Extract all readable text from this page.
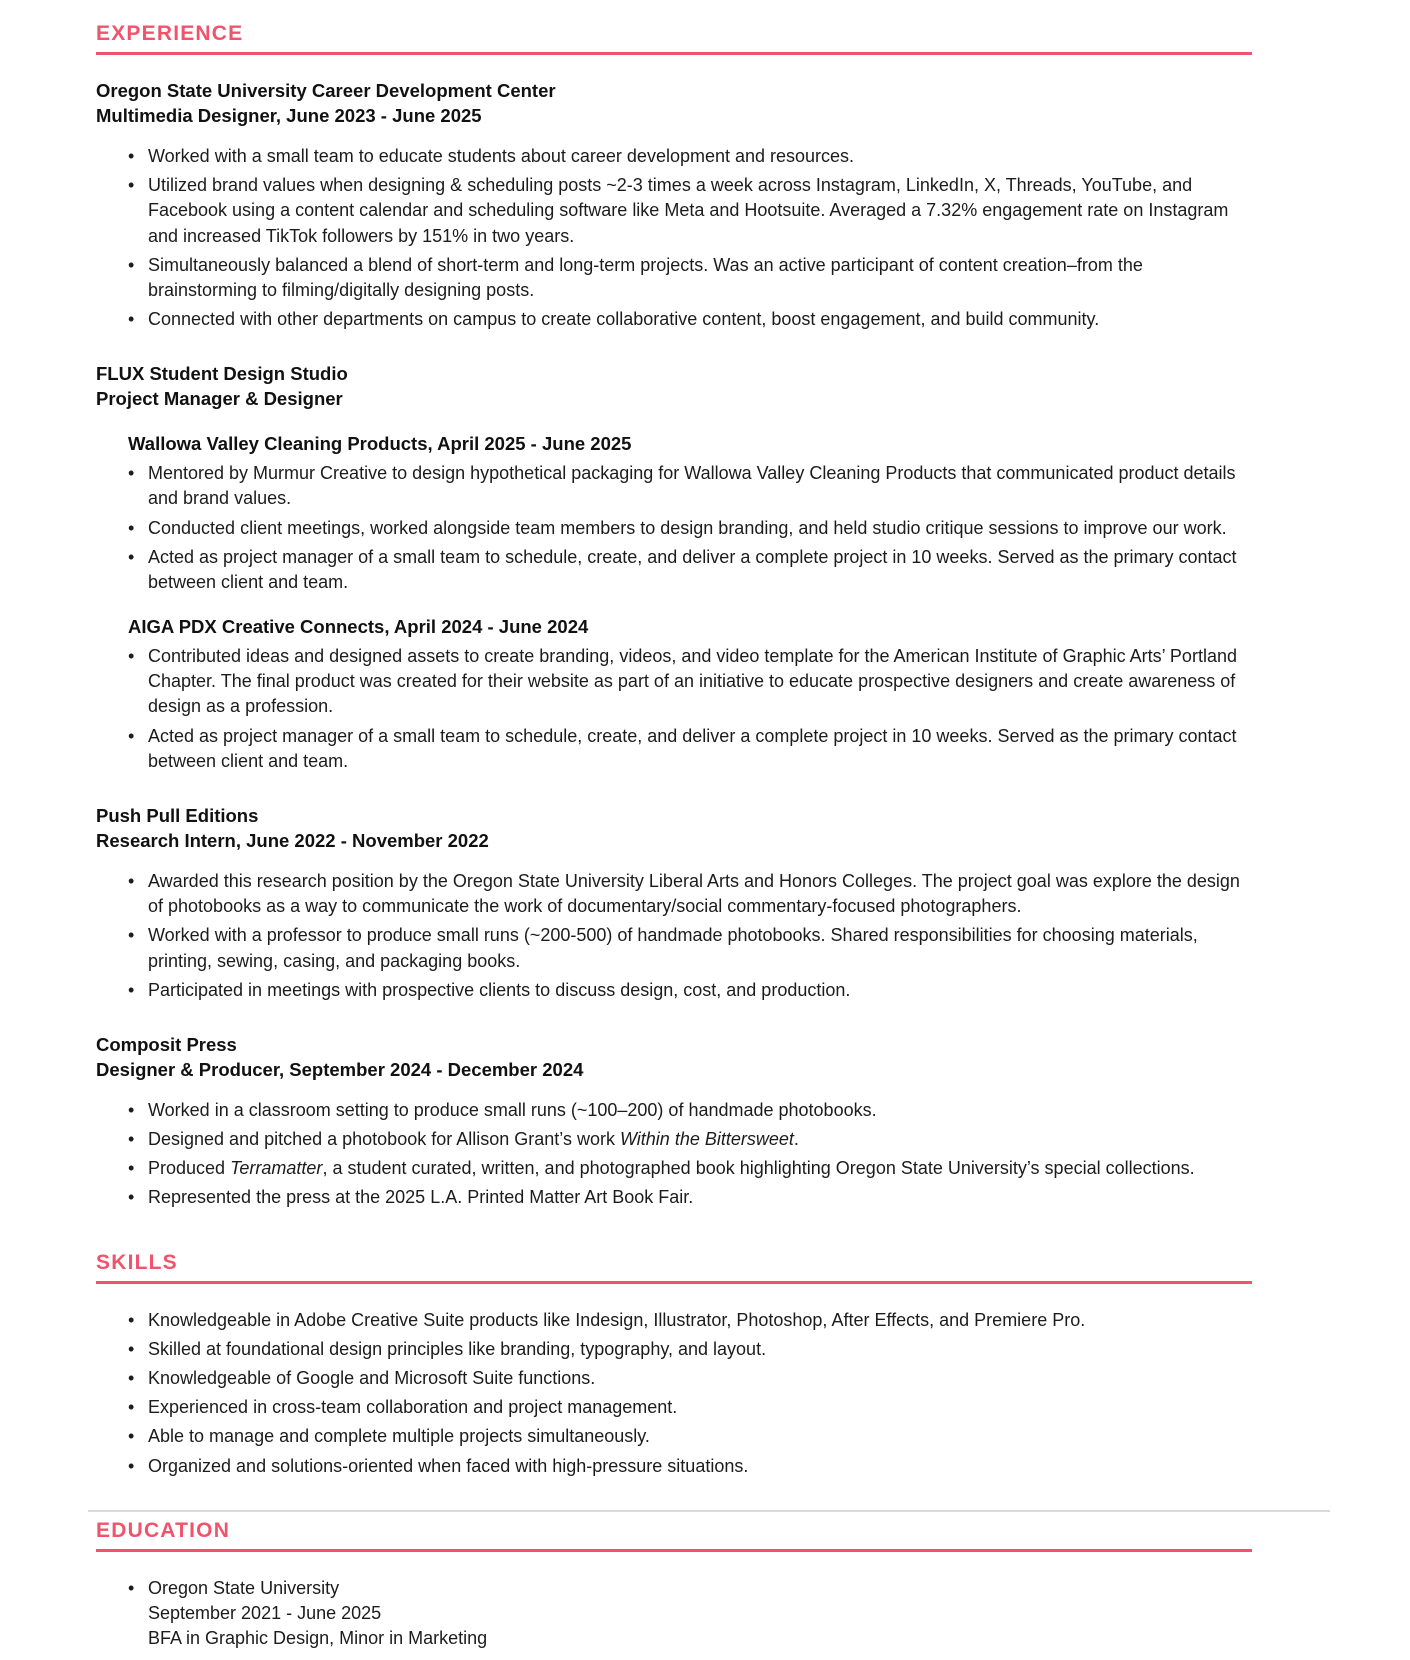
EXPERIENCE
Oregon State University Career Development Center
Multimedia Designer, June 2023 - June 2025
• Worked with a small team to educate students about career development and resources.
• Utilized brand values when designing & scheduling posts ~2-3 times a week across Instagram, LinkedIn, X, Threads, YouTube, and Facebook using a content calendar and scheduling software like Meta and Hootsuite. Averaged a 7.32% engagement rate on Instagram and increased TikTok followers by 151% in two years.
• Simultaneously balanced a blend of short-term and long-term projects. Was an active participant of content creation–from the brainstorming to filming/digitally designing posts.
• Connected with other departments on campus to create collaborative content, boost engagement, and build community.
FLUX Student Design Studio
Project Manager & Designer
Wallowa Valley Cleaning Products, April 2025 - June 2025
• Mentored by Murmur Creative to design hypothetical packaging for Wallowa Valley Cleaning Products that communicated product details and brand values.
• Conducted client meetings, worked alongside team members to design branding, and held studio critique sessions to improve our work.
• Acted as project manager of a small team to schedule, create, and deliver a complete project in 10 weeks. Served as the primary contact between client and team.
AIGA PDX Creative Connects, April 2024 - June 2024
• Contributed ideas and designed assets to create branding, videos, and video template for the American Institute of Graphic Arts’ Portland Chapter. The final product was created for their website as part of an initiative to educate prospective designers and create awareness of design as a profession.
• Acted as project manager of a small team to schedule, create, and deliver a complete project in 10 weeks. Served as the primary contact between client and team.
Push Pull Editions
Research Intern, June 2022 - November 2022
• Awarded this research position by the Oregon State University Liberal Arts and Honors Colleges. The project goal was explore the design of photobooks as a way to communicate the work of documentary/social commentary-focused photographers.
• Worked with a professor to produce small runs (~200-500) of handmade photobooks. Shared responsibilities for choosing materials, printing, sewing, casing, and packaging books.
• Participated in meetings with prospective clients to discuss design, cost, and production.
Composit Press
Designer & Producer, September 2024 - December 2024
• Worked in a classroom setting to produce small runs (~100–200) of handmade photobooks.
• Designed and pitched a photobook for Allison Grant’s work Within the Bittersweet.
• Produced Terramatter, a student curated, written, and photographed book highlighting Oregon State University’s special collections.
• Represented the press at the 2025 L.A. Printed Matter Art Book Fair.
SKILLS
• Knowledgeable in Adobe Creative Suite products like Indesign, Illustrator, Photoshop, After Effects, and Premiere Pro.
• Skilled at foundational design principles like branding, typography, and layout.
• Knowledgeable of Google and Microsoft Suite functions.
• Experienced in cross-team collaboration and project management.
• Able to manage and complete multiple projects simultaneously.
• Organized and solutions-oriented when faced with high-pressure situations.
EDUCATION
• Oregon State University
September 2021 - June 2025
BFA in Graphic Design, Minor in Marketing
